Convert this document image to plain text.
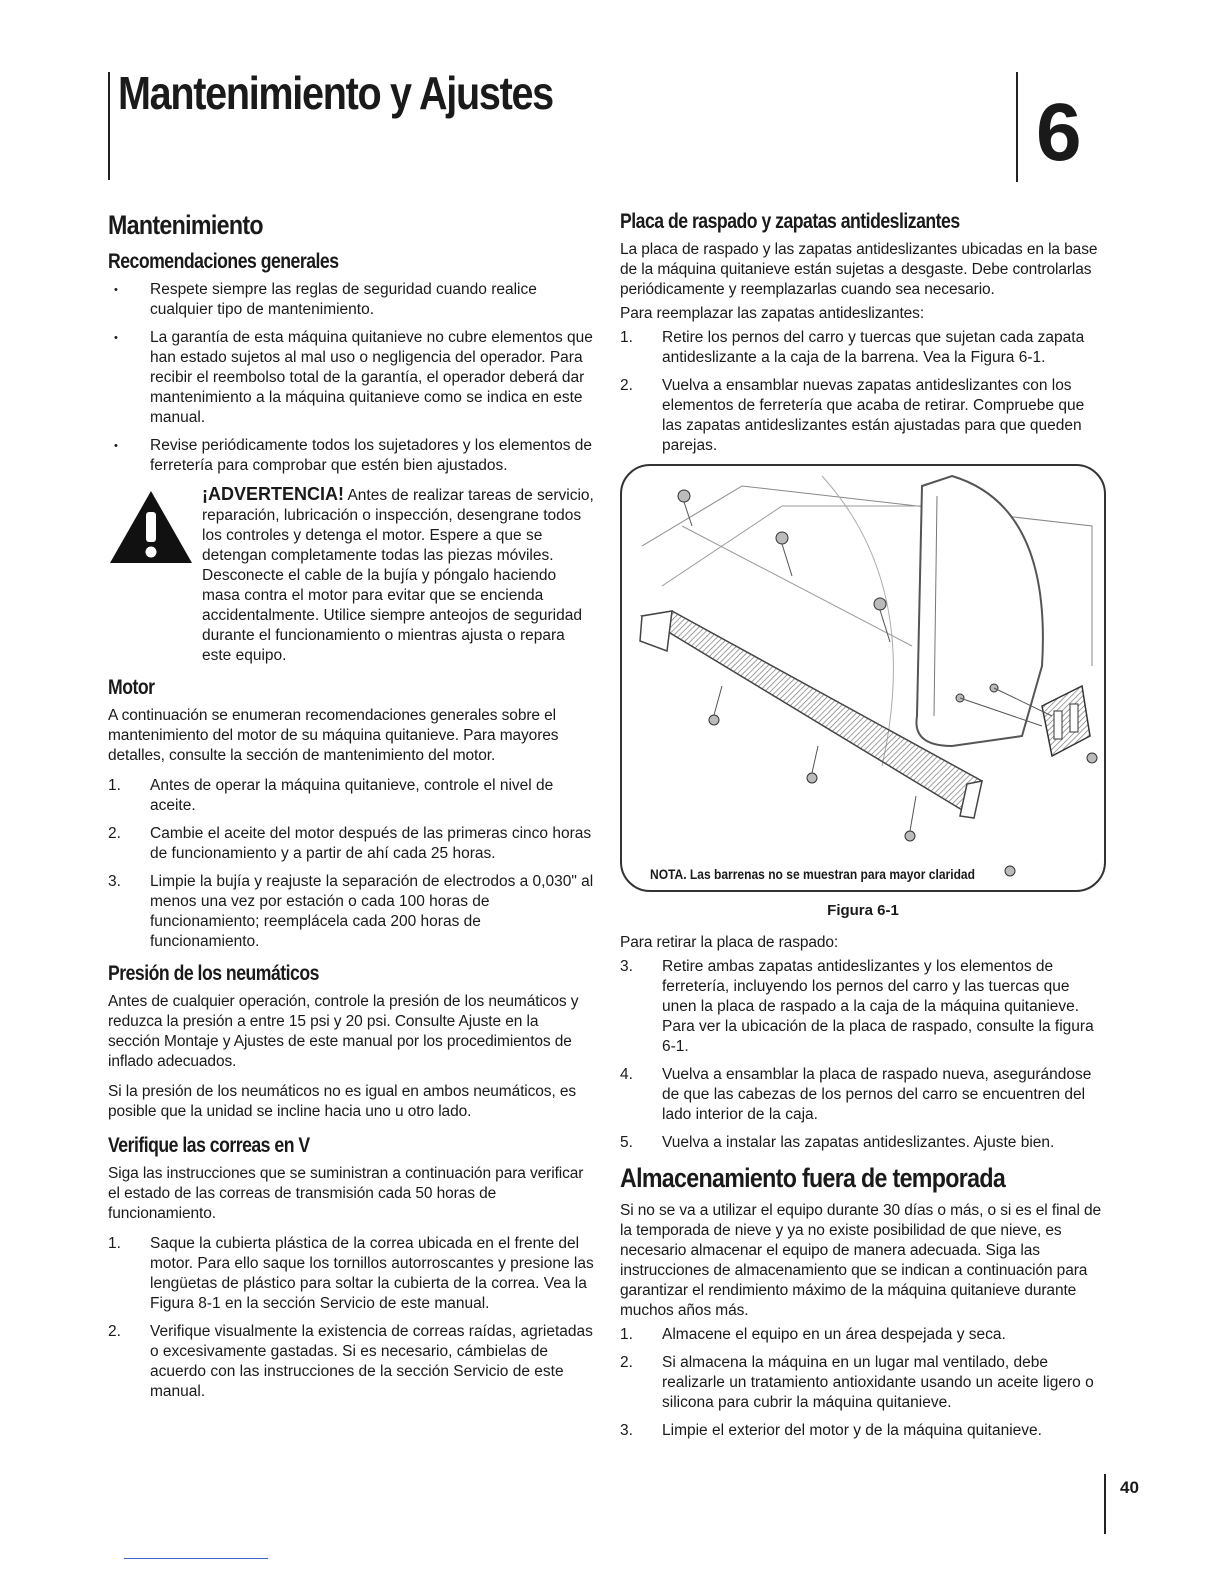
Mantenimiento y Ajustes	6
Mantenimiento
Recomendaciones generales
• Respete siempre las reglas de seguridad cuando realice cualquier tipo de mantenimiento.
• La garantía de esta máquina quitanieve no cubre elementos que han estado sujetos al mal uso o negligencia del operador. Para recibir el reembolso total de la garantía, el operador deberá dar mantenimiento a la máquina quitanieve como se indica en este manual.
• Revise periódicamente todos los sujetadores y los elementos de ferretería para comprobar que estén bien ajustados.

¡ADVERTENCIA! Antes de realizar tareas de servicio, reparación, lubricación o inspección, desengrane todos los controles y detenga el motor. Espere a que se detengan completamente todas las piezas móviles. Desconecte el cable de la bujía y póngalo haciendo masa contra el motor para evitar que se encienda accidentalmente. Utilice siempre anteojos de seguridad durante el funcionamiento o mientras ajusta o repara este equipo.

Motor

A continuación se enumeran recomendaciones generales sobre el mantenimiento del motor de su máquina quitanieve. Para mayores detalles, consulte la sección de mantenimiento del motor.

1. Antes de operar la máquina quitanieve, controle el nivel de aceite.
2. Cambie el aceite del motor después de las primeras cinco horas de funcionamiento y a partir de ahí cada 25 horas.
3. Limpie la bujía y reajuste la separación de electrodos a 0,030" al menos una vez por estación o cada 100 horas de funcionamiento; reemplácela cada 200 horas de funcionamiento.
Presión de los neumáticos

Antes de cualquier operación, controle la presión de los neumáticos y reduzca la presión a entre 15 psi y 20 psi. Consulte Ajuste en la sección Montaje y Ajustes de este manual por los procedimientos de inflado adecuados.

Si la presión de los neumáticos no es igual en ambos neumáticos, es posible que la unidad se incline hacia uno u otro lado.

Verifique las correas en V

Siga las instrucciones que se suministran a continuación para verificar el estado de las correas de transmisión cada 50 horas de funcionamiento.

1. Saque la cubierta plástica de la correa ubicada en el frente del motor. Para ello saque los tornillos autorroscantes y presione las lengüetas de plástico para soltar la cubierta de la correa. Vea la Figura 8-1 en la sección Servicio de este manual.
2. Verifique visualmente la existencia de correas raídas, agrietadas o excesivamente gastadas. Si es necesario, cámbielas de acuerdo con las instrucciones de la sección Servicio de este manual.
Placa de raspado y zapatas antideslizantes

La placa de raspado y las zapatas antideslizantes ubicadas en la base de la máquina quitanieve están sujetas a desgaste. Debe controlarlas periódicamente y reemplazarlas cuando sea necesario.

Para reemplazar las zapatas antideslizantes:

1. Retire los pernos del carro y tuercas que sujetan cada zapata antideslizante a la caja de la barrena. Vea la Figura 6-1.
2. Vuelva a ensamblar nuevas zapatas antideslizantes con los elementos de ferretería que acaba de retirar. Compruebe que las zapatas antideslizantes están ajustadas para que queden parejas.
NOTA. Las barrenas no se muestran para mayor claridad
Figura 6-1

Para retirar la placa de raspado:

3. Retire ambas zapatas antideslizantes y los elementos de ferretería, incluyendo los pernos del carro y las tuercas que unen la placa de raspado a la caja de la máquina quitanieve. Para ver la ubicación de la placa de raspado, consulte la figura 6-1.
4. Vuelva a ensamblar la placa de raspado nueva, asegurándose de que las cabezas de los pernos del carro se encuentren del lado interior de la caja.
5. Vuelva a instalar las zapatas antideslizantes. Ajuste bien.
Almacenamiento fuera de temporada

Si no se va a utilizar el equipo durante 30 días o más, o si es el final de la temporada de nieve y ya no existe posibilidad de que nieve, es necesario almacenar el equipo de manera adecuada. Siga las instrucciones de almacenamiento que se indican a continuación para garantizar el rendimiento máximo de la máquina quitanieve durante muchos años más.

1. Almacene el equipo en un área despejada y seca.
2. Si almacena la máquina en un lugar mal ventilado, debe realizarle un tratamiento antioxidante usando un aceite ligero o silicona para cubrir la máquina quitanieve.
3. Limpie el exterior del motor y de la máquina quitanieve.
40
